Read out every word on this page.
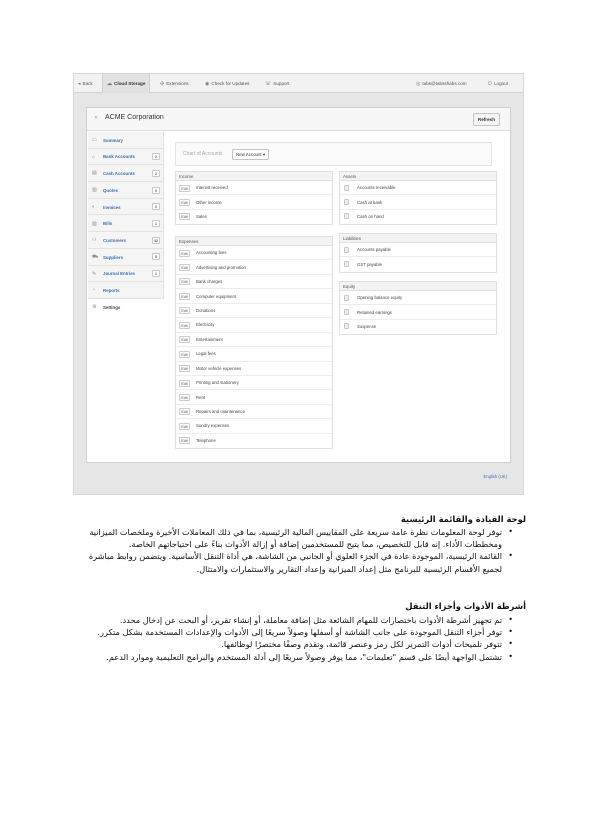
◂ Back	☁ Cloud Storage	✣ Extensions	◉ Check for Updates	☏ Support	◎ tabs@tabsshabs.com	⏻ Logout
✕ ACME Corporation	Refresh
▭ Summary
⌂ Bank Accounts	2
▤ Cash Accounts	2
▥ Quotes	0
◐ Invoices	2
▧ Bills	1
⚇ Customers	42
⛟ Suppliers	5
✎ Journal Entries	1
◔ Reports
⚙ Settings
Chart of Accounts	New Account ▾
Income
Edit	Interest received
Edit	Other income
Edit	Sales
Expenses
Edit	Accounting fees
Edit	Advertising and promotion
Edit	Bank charges
Edit	Computer equipment
Edit	Donations
Edit	Electricity
Edit	Entertainment
Edit	Legal fees
Edit	Motor vehicle expenses
Edit	Printing and stationery
Edit	Rent
Edit	Repairs and maintenance
Edit	Sundry expenses
Edit	Telephone
Assets
Accounts receivable
Cash at bank
Cash on hand
Liabilities
Accounts payable
GST payable
Equity
Opening balance equity
Retained earnings
Suspense
English (UK)
لوحة القيادة والقائمة الرئيسية
•
توفر لوحة المعلومات نظرة عامة سريعة على المقاييس المالية الرئيسية، بما في ذلك المعاملات الأخيرة وملخصات الميزانية
ومخططات الأداء. إنه قابل للتخصيص، مما يتيح للمستخدمين إضافة أو إزالة الأدوات بناءً على احتياجاتهم الخاصة.
•
القائمة الرئيسية، الموجودة عادة في الجزء العلوي أو الجانبي من الشاشة، هي أداة التنقل الأساسية. ويتضمن روابط مباشرة
لجميع الأقسام الرئيسية للبرنامج مثل إعداد الميزانية وإعداد التقارير والاستثمارات والامتثال.
أشرطة الأدوات وأجزاء التنقل
•
تم تجهيز أشرطة الأدوات باختصارات للمهام الشائعة مثل إضافة معاملة، أو إنشاء تقرير، أو البحث عن إدخال محدد.
•
توفر أجزاء التنقل الموجودة على جانب الشاشة أو أسفلها وصولاً سريعًا إلى الأدوات والإعدادات المستخدمة بشكل متكرر.
•
تتوفر تلميحات أدوات التمرير لكل رمز وعنصر قائمة، وتقدم وصفًا مختصرًا لوظائفها.
•
تشتمل الواجهة أيضًا على قسم "تعليمات"، مما يوفر وصولاً سريعًا إلى أدلة المستخدم والبرامج التعليمية وموارد الدعم.
